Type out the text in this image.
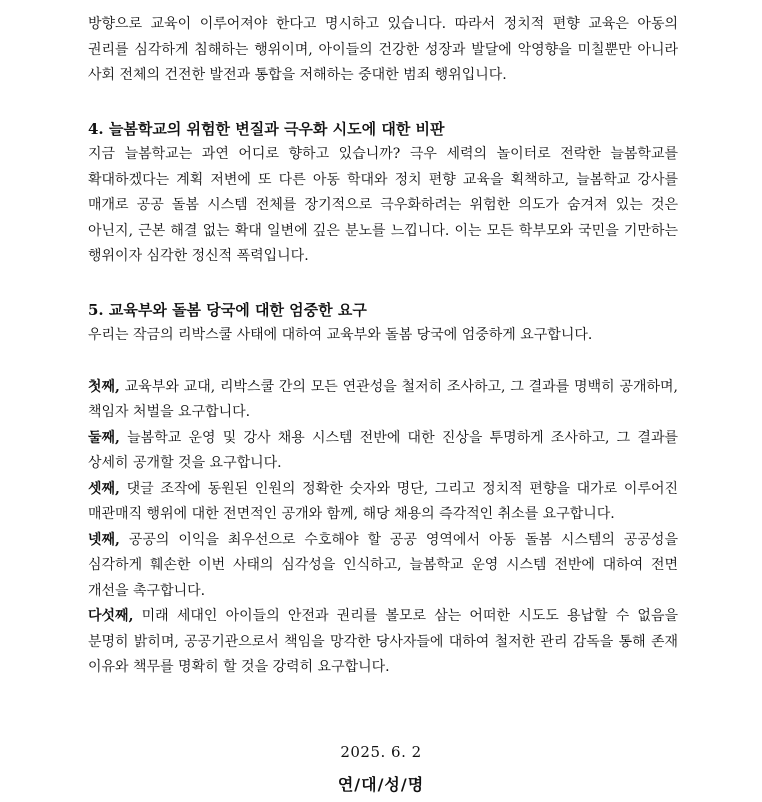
방향으로 교육이 이루어져야 한다고 명시하고 있습니다. 따라서 정치적 편향 교육은 아동의 권리를 심각하게 침해하는 행위이며, 아이들의 건강한 성장과 발달에 악영향을 미칠뿐만 아니라 사회 전체의 건전한 발전과 통합을 저해하는 중대한 범죄 행위입니다.

4. 늘봄학교의 위험한 변질과 극우화 시도에 대한 비판

지금 늘봄학교는 과연 어디로 향하고 있습니까? 극우 세력의 놀이터로 전락한 늘봄학교를 확대하겠다는 계획 저변에 또 다른 아동 학대와 정치 편향 교육을 획책하고, 늘봄학교 강사를 매개로 공공 돌봄 시스템 전체를 장기적으로 극우화하려는 위험한 의도가 숨겨져 있는 것은 아닌지, 근본 해결 없는 확대 일변에 깊은 분노를 느낍니다. 이는 모든 학부모와 국민을 기만하는 행위이자 심각한 정신적 폭력입니다.

5. 교육부와 돌봄 당국에 대한 엄중한 요구

우리는 작금의 리박스쿨 사태에 대하여 교육부와 돌봄 당국에 엄중하게 요구합니다.

첫째, 교육부와 교대, 리박스쿨 간의 모든 연관성을 철저히 조사하고, 그 결과를 명백히 공개하며, 책임자 처벌을 요구합니다.

둘째, 늘봄학교 운영 및 강사 채용 시스템 전반에 대한 진상을 투명하게 조사하고, 그 결과를 상세히 공개할 것을 요구합니다.

셋째, 댓글 조작에 동원된 인원의 정확한 숫자와 명단, 그리고 정치적 편향을 대가로 이루어진 매관매직 행위에 대한 전면적인 공개와 함께, 해당 채용의 즉각적인 취소를 요구합니다.

넷째, 공공의 이익을 최우선으로 수호해야 할 공공 영역에서 아동 돌봄 시스템의 공공성을 심각하게 훼손한 이번 사태의 심각성을 인식하고, 늘봄학교 운영 시스템 전반에 대하여 전면 개선을 촉구합니다.

다섯째, 미래 세대인 아이들의 안전과 권리를 볼모로 삼는 어떠한 시도도 용납할 수 없음을 분명히 밝히며, 공공기관으로서 책임을 망각한 당사자들에 대하여 철저한 관리 감독을 통해 존재 이유와 책무를 명확히 할 것을 강력히 요구합니다.

2025. 6. 2
연/대/성/명
